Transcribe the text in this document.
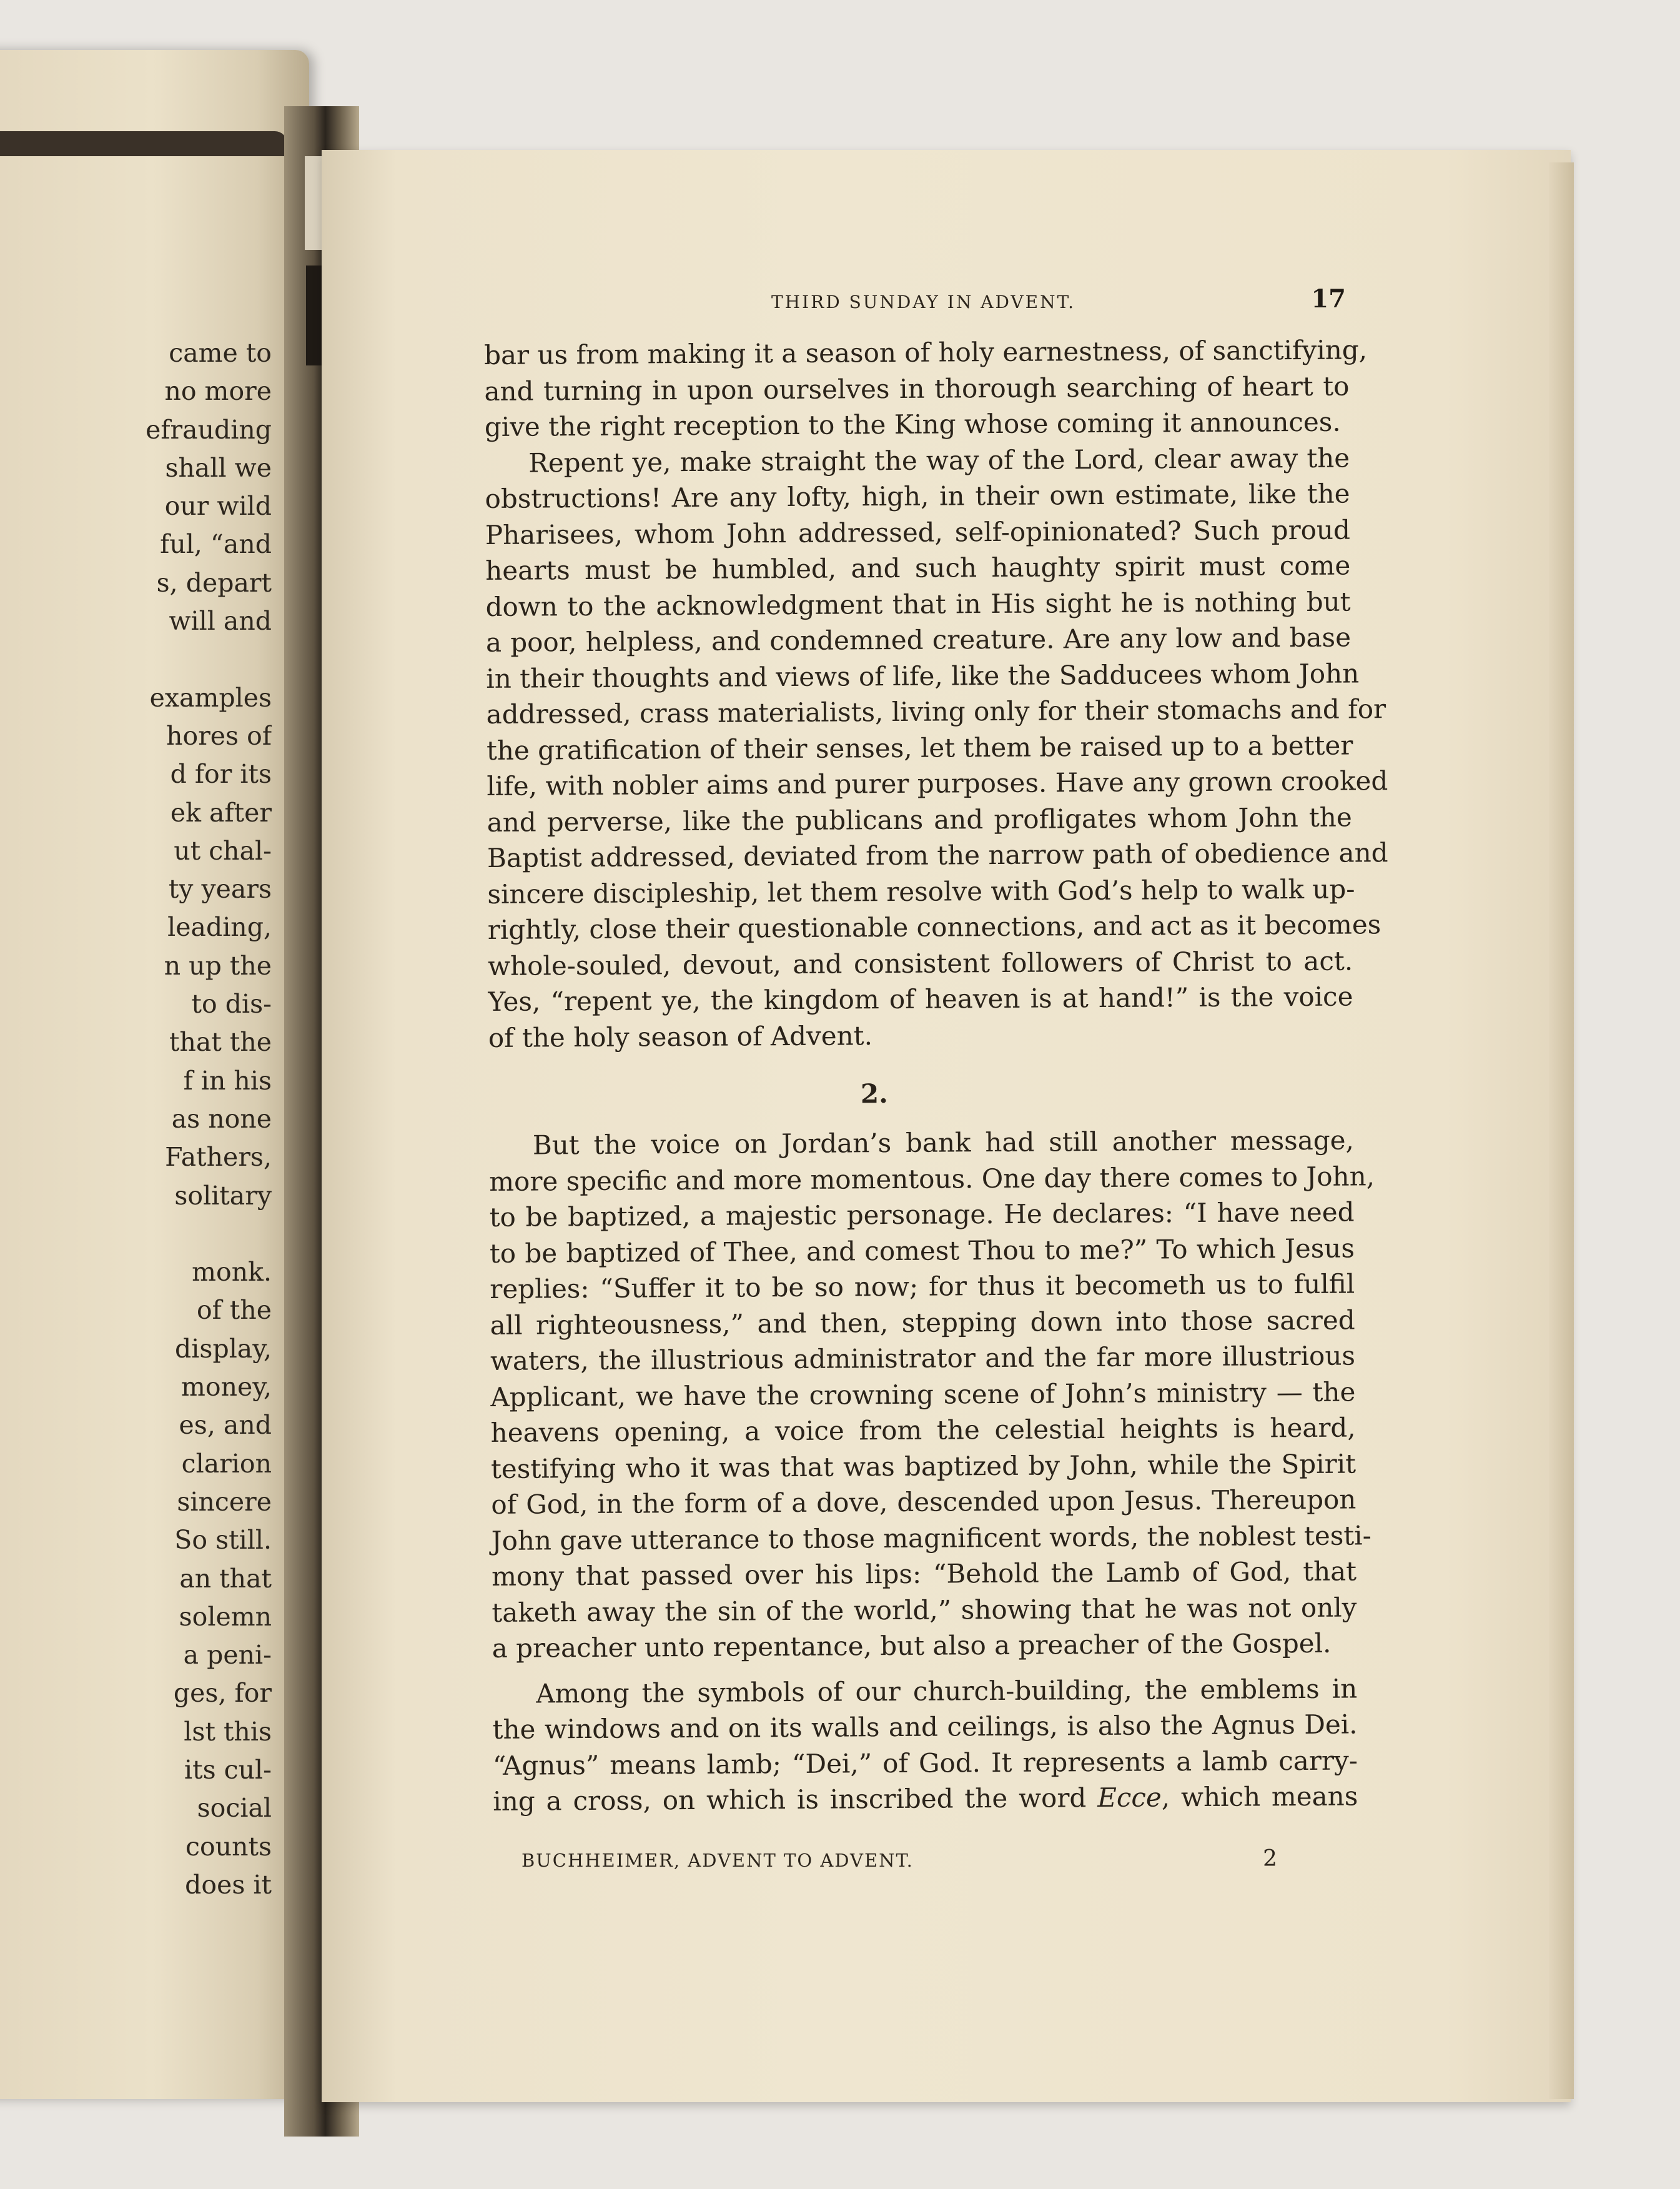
came to
no more
efrauding
shall we
our wild
ful, “and
s, depart
will and

examples
hores of
d for its
ek after
ut chal-
ty years
leading,
n up the
to dis-
that the
f in his
as none
Fathers,
solitary

monk.
of the
display,
money,
es, and
clarion
sincere
So still.
an that
solemn
a peni-
ges, for
lst this
its cul-
social
counts
does it
THIRD SUNDAY IN ADVENT.	17
bar us from making it a season of holy earnestness, of sanctifying,
and turning in upon ourselves in thorough searching of heart to
give the right reception to the King whose coming it announces.
Repent ye, make straight the way of the Lord, clear away the
obstructions! Are any lofty, high, in their own estimate, like the
Pharisees, whom John addressed, self-opinionated? Such proud
hearts must be humbled, and such haughty spirit must come
down to the acknowledgment that in His sight he is nothing but
a poor, helpless, and condemned creature. Are any low and base
in their thoughts and views of life, like the Sadducees whom John
addressed, crass materialists, living only for their stomachs and for
the gratification of their senses, let them be raised up to a better
life, with nobler aims and purer purposes. Have any grown crooked
and perverse, like the publicans and profligates whom John the
Baptist addressed, deviated from the narrow path of obedience and
sincere discipleship, let them resolve with God’s help to walk up-
rightly, close their questionable connections, and act as it becomes
whole-souled, devout, and consistent followers of Christ to act.
Yes, “repent ye, the kingdom of heaven is at hand!” is the voice
of the holy season of Advent.
2.
But the voice on Jordan’s bank had still another message,
more specific and more momentous. One day there comes to John,
to be baptized, a majestic personage. He declares: “I have need
to be baptized of Thee, and comest Thou to me?” To which Jesus
replies: “Suffer it to be so now; for thus it becometh us to fulfil
all righteousness,” and then, stepping down into those sacred
waters, the illustrious administrator and the far more illustrious
Applicant, we have the crowning scene of John’s ministry — the
heavens opening, a voice from the celestial heights is heard,
testifying who it was that was baptized by John, while the Spirit
of God, in the form of a dove, descended upon Jesus. Thereupon
John gave utterance to those magnificent words, the noblest testi-
mony that passed over his lips: “Behold the Lamb of God, that
taketh away the sin of the world,” showing that he was not only
a preacher unto repentance, but also a preacher of the Gospel.
Among the symbols of our church-building, the emblems in
the windows and on its walls and ceilings, is also the Agnus Dei.
“Agnus” means lamb; “Dei,” of God. It represents a lamb carry-
ing a cross, on which is inscribed the word Ecce, which means
BUCHHEIMER, ADVENT TO ADVENT.	2
